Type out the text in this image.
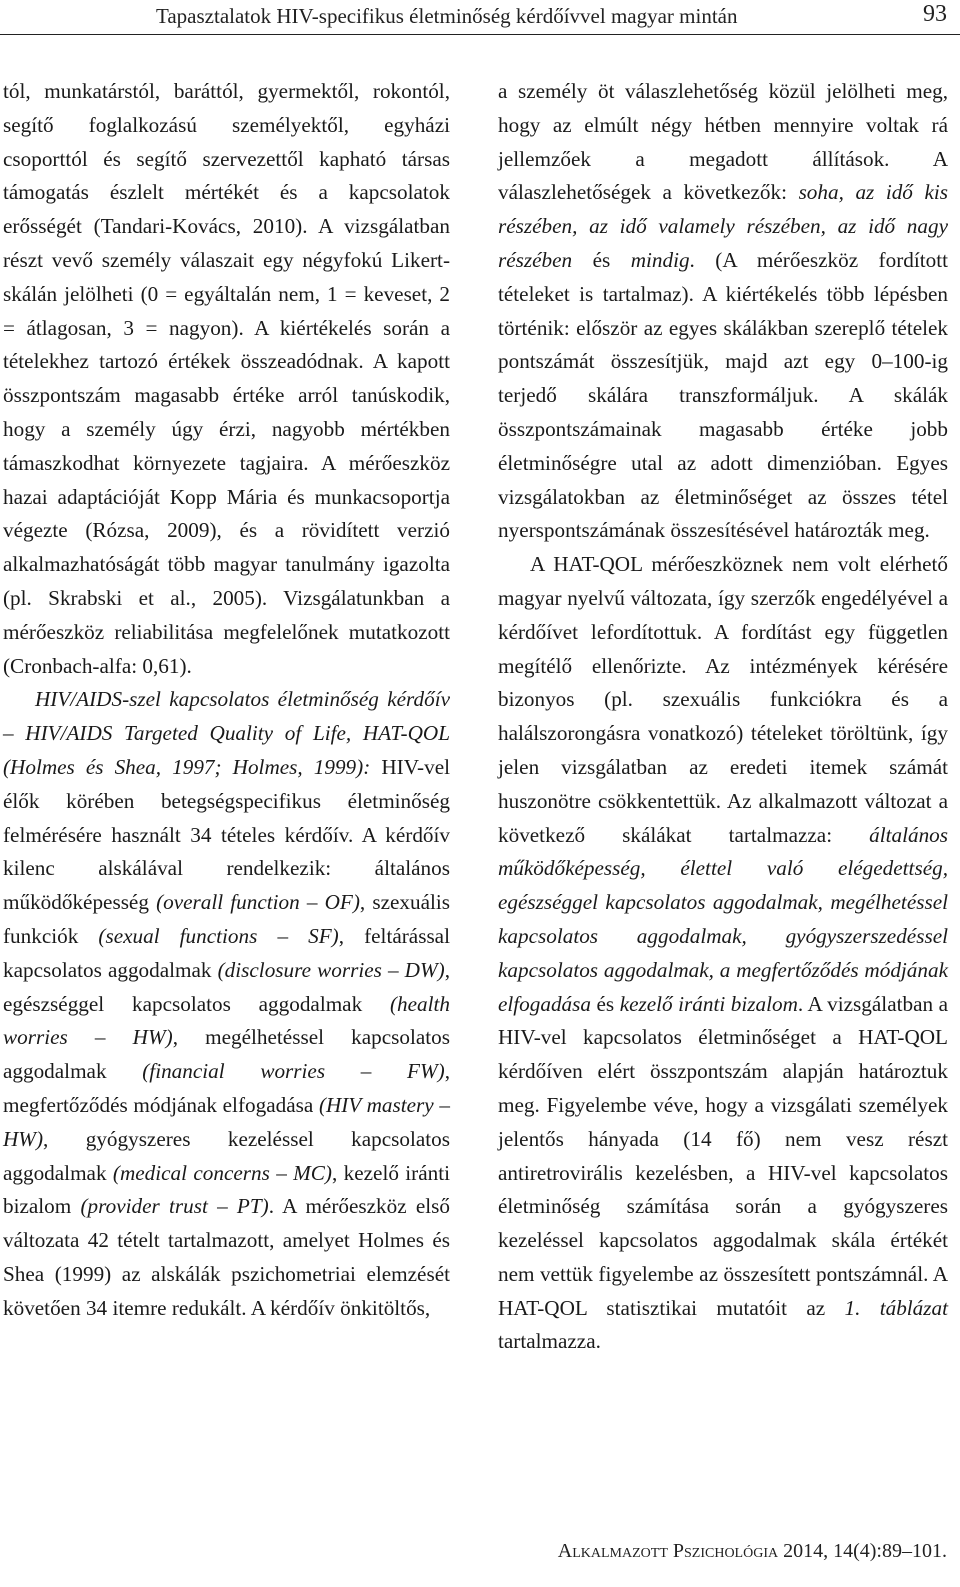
Tapasztalatok HIV-specifikus életminőség kérdőívvel magyar mintán	93

tól, munkatárstól, baráttól, gyermektől, rokontól, segítő foglalkozású személyektől, egyházi csoporttól és segítő szervezettől kapható társas támogatás észlelt mértékét és a kapcsolatok erősségét (Tandari-Kovács, 2010). A vizsgálatban részt vevő személy válaszait egy négyfokú Likert-skálán jelölheti (0 = egyáltalán nem, 1 = keveset, 2 = átlagosan, 3 = nagyon). A kiértékelés során a tételekhez tartozó értékek összeadódnak. A kapott összpontszám magasabb értéke arról tanúskodik, hogy a személy úgy érzi, nagyobb mértékben támaszkodhat környezete tagjaira. A mérőeszköz hazai adaptációját Kopp Mária és munkacsoportja végezte (Rózsa, 2009), és a rövidített verzió alkalmazhatóságát több magyar tanulmány igazolta (pl. Skrabski et al., 2005). Vizsgálatunkban a mérőeszköz reliabilitása megfelelőnek mutatkozott (Cronbach-alfa: 0,61).

HIV/AIDS-szel kapcsolatos életminőség kérdőív – HIV/AIDS Targeted Quality of Life, HAT-QOL (Holmes és Shea, 1997; Holmes, 1999): HIV-vel élők körében betegségspecifikus életminőség felmérésére használt 34 tételes kérdőív. A kérdőív kilenc alskálával rendelkezik: általános működőképesség (overall function – OF), szexuális funkciók (sexual functions – SF), feltárással kapcsolatos aggodalmak (disclosure worries – DW), egészséggel kapcsolatos aggodalmak (health worries – HW), megélhetéssel kapcsolatos aggodalmak (financial worries – FW), megfertőződés módjának elfogadása (HIV mastery – HW), gyógyszeres kezeléssel kapcsolatos aggodalmak (medical concerns – MC), kezelő iránti bizalom (provider trust – PT). A mérőeszköz első változata 42 tételt tartalmazott, amelyet Holmes és Shea (1999) az alskálák pszichometriai elemzését követően 34 itemre redukált. A kérdőív önkitöltős,

a személy öt válaszlehetőség közül jelölheti meg, hogy az elmúlt négy hétben mennyire voltak rá jellemzőek a megadott állítások. A válaszlehetőségek a következők: soha, az idő kis részében, az idő valamely részében, az idő nagy részében és mindig. (A mérőeszköz fordított tételeket is tartalmaz). A kiértékelés több lépésben történik: először az egyes skálákban szereplő tételek pontszámát összesítjük, majd azt egy 0–100-ig terjedő skálára transzformáljuk. A skálák összpontszámainak magasabb értéke jobb életminőségre utal az adott dimenzióban. Egyes vizsgálatokban az életminőséget az összes tétel nyerspontszámának összesítésével határozták meg.

A HAT-QOL mérőeszköznek nem volt elérhető magyar nyelvű változata, így szerzők engedélyével a kérdőívet lefordítottuk. A fordítást egy független megítélő ellenőrizte. Az intézmények kérésére bizonyos (pl. szexuális funkciókra és a halálszorongásra vonatkozó) tételeket töröltünk, így jelen vizsgálatban az eredeti itemek számát huszonötre csökkentettük. Az alkalmazott változat a következő skálákat tartalmazza: általános működőképesség, élettel való elégedettség, egészséggel kapcsolatos aggodalmak, megélhetéssel kapcsolatos aggodalmak, gyógyszerszedéssel kapcsolatos aggodalmak, a megfertőződés módjának elfogadása és kezelő iránti bizalom. A vizsgálatban a HIV-vel kapcsolatos életminőséget a HAT-QOL kérdőíven elért összpontszám alapján határoztuk meg. Figyelembe véve, hogy a vizsgálati személyek jelentős hányada (14 fő) nem vesz részt antiretrovirális kezelésben, a HIV-vel kapcsolatos életminőség számítása során a gyógyszeres kezeléssel kapcsolatos aggodalmak skála értékét nem vettük figyelembe az összesített pontszámnál. A HAT-QOL statisztikai mutatóit az 1. táblázat tartalmazza.

Alkalmazott Pszichológia 2014, 14(4):89–101.
